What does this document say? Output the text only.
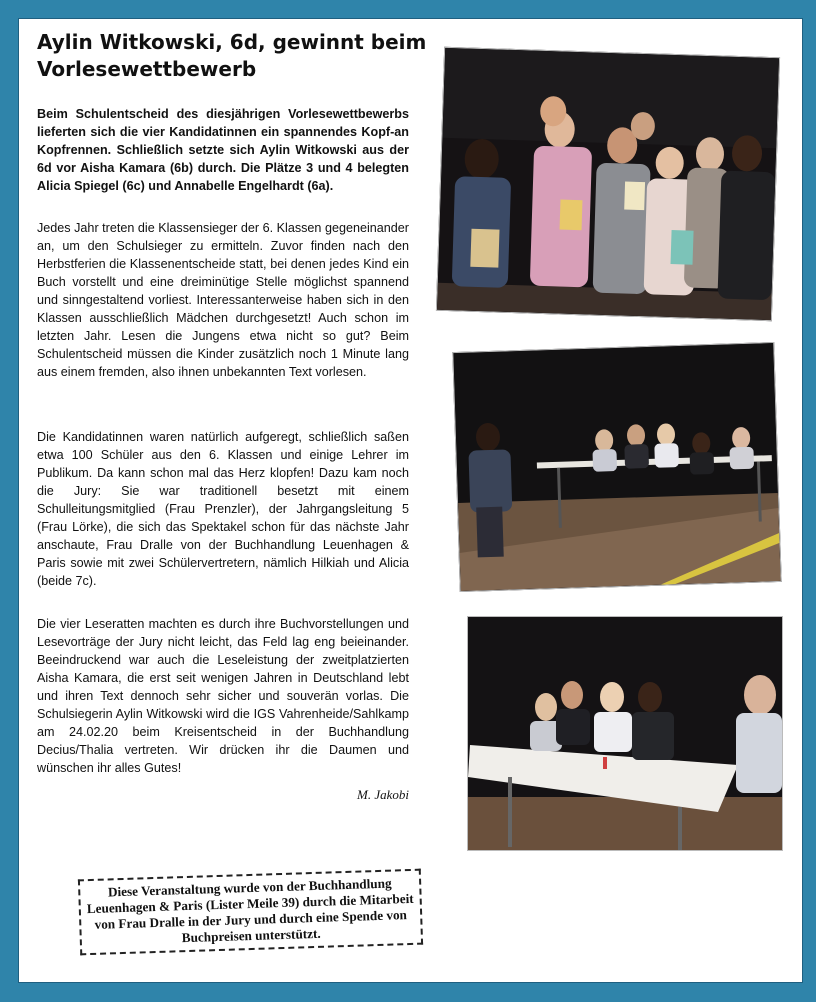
Aylin Witkowski, 6d, gewinnt beim Vorlesewettbewerb

Beim Schulentscheid des diesjährigen Vorlesewettbewerbs lieferten sich die vier Kandidatinnen ein spannendes Kopf-an Kopfrennen. Schließlich setzte sich Aylin Witkowski aus der 6d vor Aisha Kamara (6b) durch. Die Plätze 3 und 4 belegten Alicia Spiegel (6c) und Annabelle Engelhardt (6a).

Jedes Jahr treten die Klassensieger der 6. Klassen gegeneinander an, um den Schulsieger zu ermitteln. Zuvor finden nach den Herbstferien die Klassenentscheide statt, bei denen jedes Kind ein Buch vorstellt und eine dreiminütige Stelle möglichst spannend und sinngestaltend vorliest. Interessanterweise haben sich in den Klassen ausschließlich Mädchen durchgesetzt! Auch schon im letzten Jahr. Lesen die Jungens etwa nicht so gut? Beim Schulentscheid müssen die Kinder zusätzlich noch 1 Minute lang aus einem fremden, also ihnen unbekannten Text vorlesen.

Die Kandidatinnen waren natürlich aufgeregt, schließlich saßen etwa 100 Schüler aus den 6. Klassen und einige Lehrer im Publikum. Da kann schon mal das Herz klopfen! Dazu kam noch die Jury: Sie war traditionell besetzt mit einem Schulleitungsmitglied (Frau Prenzler), der Jahrgangsleitung 5 (Frau Lörke), die sich das Spektakel schon für das nächste Jahr anschaute, Frau Dralle von der Buchhandlung Leuenhagen & Paris sowie mit zwei Schülervertretern, nämlich Hilkiah und Alicia (beide 7c).

Die vier Leseratten machten es durch ihre Buchvorstellungen und Lesevorträge der Jury nicht leicht, das Feld lag eng beieinander. Beeindruckend war auch die Leseleistung der zweitplatzierten Aisha Kamara, die erst seit wenigen Jahren in Deutschland lebt und ihren Text dennoch sehr sicher und souverän vorlas. Die Schulsiegerin Aylin Witkowski wird die IGS Vahrenheide/Sahlkamp am 24.02.20 beim Kreisentscheid in der Buchhandlung Decius/Thalia vertreten. Wir drücken ihr die Daumen und wünschen ihr alles Gutes!

M. Jakobi
Diese Veranstaltung wurde von der Buchhandlung Leuenhagen & Paris (Lister Meile 39) durch die Mitarbeit von Frau Dralle in der Jury und durch eine Spende von Buchpreisen unterstützt.
